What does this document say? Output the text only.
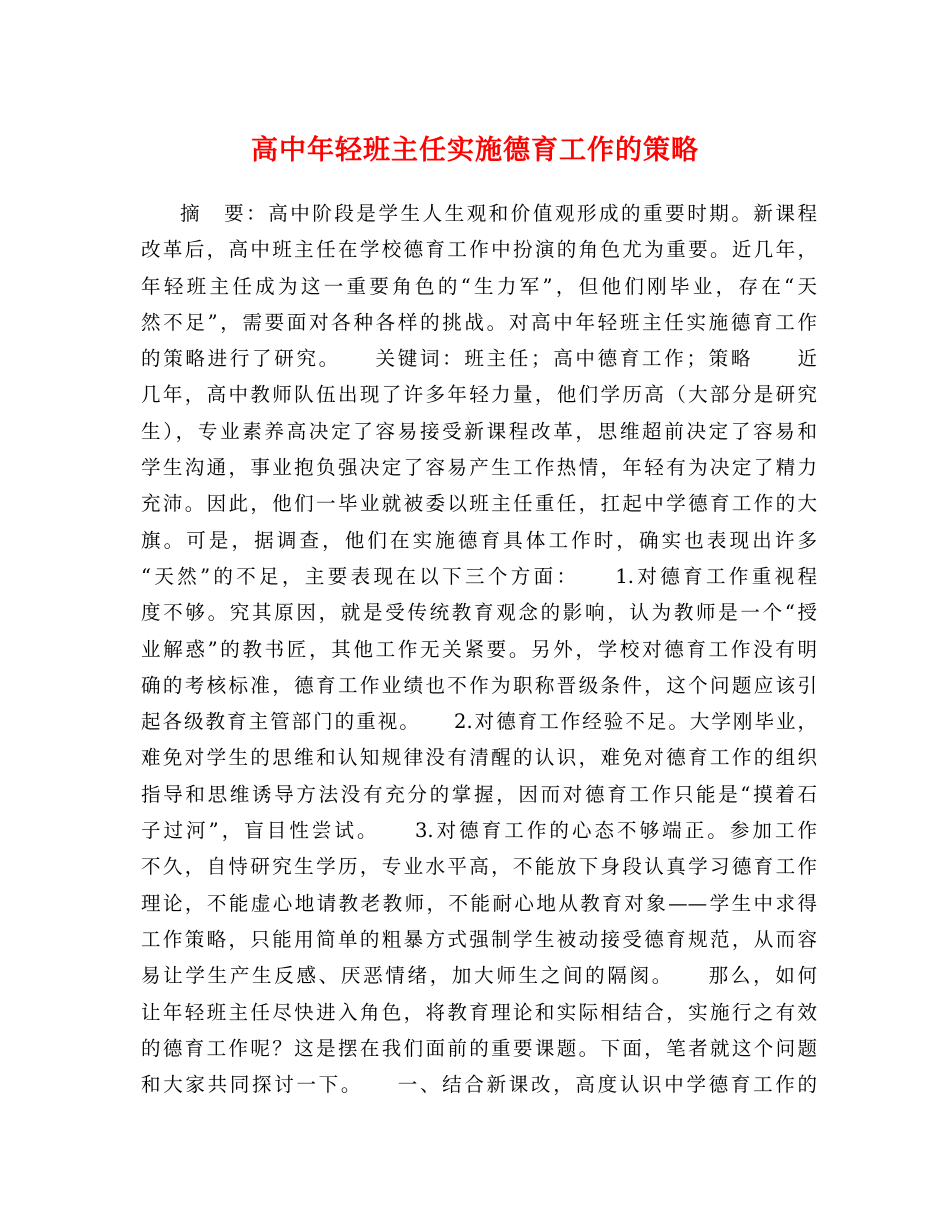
高中年轻班主任实施德育工作的策略
摘　要：高中阶段是学生人生观和价值观形成的重要时期。新课程
改革后，高中班主任在学校德育工作中扮演的角色尤为重要。近几年，
年轻班主任成为这一重要角色的“生力军”，但他们刚毕业，存在“天
然不足”，需要面对各种各样的挑战。对高中年轻班主任实施德育工作
的策略进行了研究。　　关键词：班主任；高中德育工作；策略　　近
几年，高中教师队伍出现了许多年轻力量，他们学历高（大部分是研究
生），专业素养高决定了容易接受新课程改革，思维超前决定了容易和
学生沟通，事业抱负强决定了容易产生工作热情，年轻有为决定了精力
充沛。因此，他们一毕业就被委以班主任重任，扛起中学德育工作的大
旗。可是，据调查，他们在实施德育具体工作时，确实也表现出许多
“天然”的不足，主要表现在以下三个方面：　　1.对德育工作重视程
度不够。究其原因，就是受传统教育观念的影响，认为教师是一个“授
业解惑”的教书匠，其他工作无关紧要。另外，学校对德育工作没有明
确的考核标准，德育工作业绩也不作为职称晋级条件，这个问题应该引
起各级教育主管部门的重视。　　2.对德育工作经验不足。大学刚毕业，
难免对学生的思维和认知规律没有清醒的认识，难免对德育工作的组织
指导和思维诱导方法没有充分的掌握，因而对德育工作只能是“摸着石
子过河”，盲目性尝试。　　3.对德育工作的心态不够端正。参加工作
不久，自恃研究生学历，专业水平高，不能放下身段认真学习德育工作
理论，不能虚心地请教老教师，不能耐心地从教育对象——学生中求得
工作策略，只能用简单的粗暴方式强制学生被动接受德育规范，从而容
易让学生产生反感、厌恶情绪，加大师生之间的隔阂。　　那么，如何
让年轻班主任尽快进入角色，将教育理论和实际相结合，实施行之有效
的德育工作呢？这是摆在我们面前的重要课题。下面，笔者就这个问题
和大家共同探讨一下。　　一、结合新课改，高度认识中学德育工作的
